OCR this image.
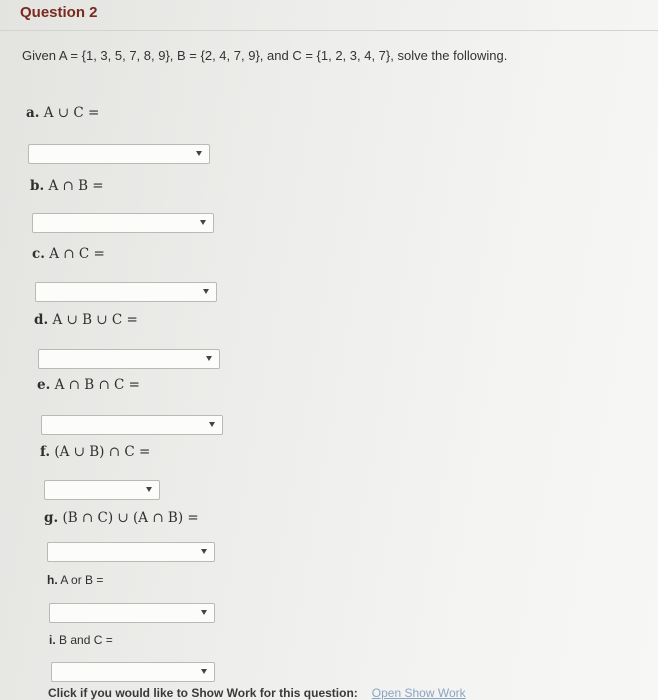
Question 2
Given A = {1, 3, 5, 7, 8, 9}, B = {2, 4, 7, 9}, and C = {1, 2, 3, 4, 7}, solve the following.
a. A ∪ C =
b. A ∩ B =
c. A ∩ C =
d. A ∪ B ∪ C =
e. A ∩ B ∩ C =
f. (A ∪ B) ∩ C =
g. (B ∩ C) ∪ (A ∩ B) =
h. A or B =
i. B and C =
Click if you would like to Show Work for this question: Open Show Work
